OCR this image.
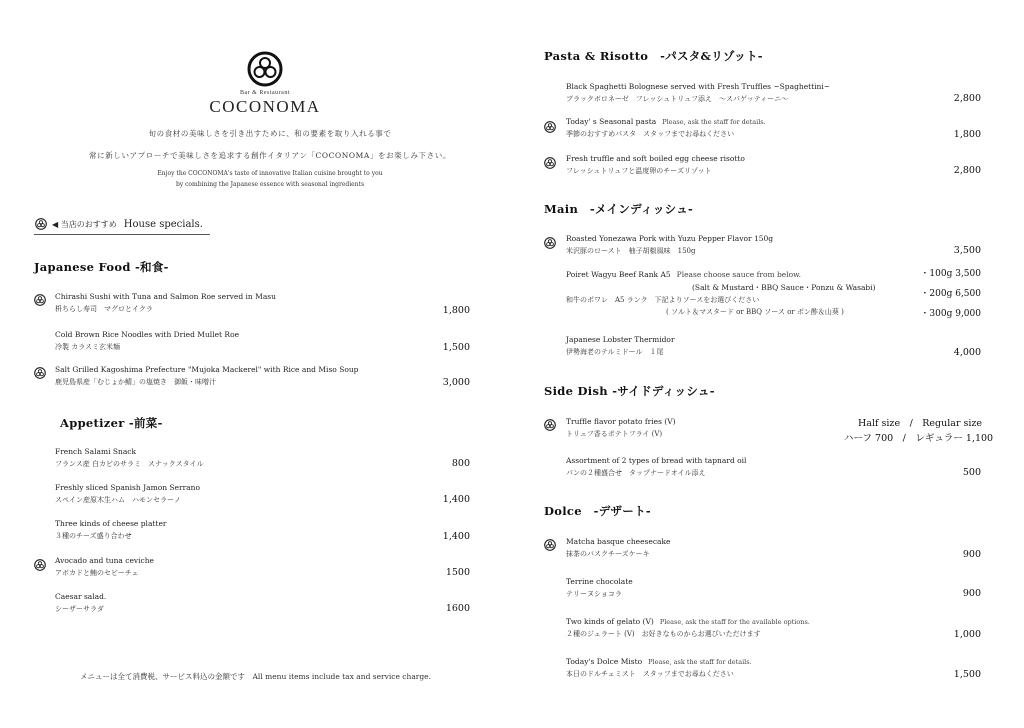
Bar & Restaurant
COCONOMA
旬の食材の美味しさを引き出すために、和の要素を取り入れる事で
常に新しいアプローチで美味しさを追求する創作イタリアン「COCONOMA」をお楽しみ下さい。
Enjoy the COCONOMA's taste of innovative Italian cuisine brought to you
by combining the Japanese essence with seasonal ingredients
◀ 当店のおすすめ House specials.
Japanese Food -和食-
Chirashi Sushi with Tuna and Salmon Roe served in Masu
枡ちらし寿司　マグロとイクラ	1,800
Cold Brown Rice Noodles with Dried Mullet Roe
冷製 カラスミ玄米麺	1,500
Salt Grilled Kagoshima Prefecture "Mujoka Mackerel" with Rice and Miso Soup
鹿児島県産「むじょか鯖」の塩焼き　御飯・味噌汁	3,000
Appetizer -前菜-
French Salami Snack
フランス産 白カビのサラミ　スナックスタイル	800
Freshly sliced Spanish Jamon Serrano
スペイン産原木生ハム　ハモンセラーノ	1,400
Three kinds of cheese platter
３種のチーズ盛り合わせ	1,400
Avocado and tuna ceviche
アボカドと鮪のセビーチェ	1500
Caesar salad.
シーザーサラダ	1600
メニューは全て消費税、サービス料込の金額です　All menu items include tax and service charge.
Pasta & Risotto　-パスタ&リゾット-
Black Spaghetti Bolognese served with Fresh Truffles ~Spaghettini~
ブラックボロネーゼ　フレッシュトリュフ添え　～スパゲッティーニ～	2,800
Today' s Seasonal pasta Please, ask the staff for details.
季節のおすすめパスタ　スタッフまでお尋ねください	1,800
Fresh truffle and soft boiled egg cheese risotto
フレッシュトリュフと温度卵のチーズリゾット	2,800
Main　-メインディッシュ-
Roasted Yonezawa Pork with Yuzu Pepper Flavor 150g
米沢豚のロースト　柚子胡椒風味　150g	3,500
Poiret Wagyu Beef Rank A5 Please choose sauce from below.
(Salt & Mustard・BBQ Sauce・Ponzu & Wasabi)
和牛のポワレ　A5 ランク　下記よりソースをお選びください
( ソルト＆マスタード or BBQ ソース or ポン酢＆山葵 )
・100g 3,500
・200g 6,500
・300g 9,000
Japanese Lobster Thermidor
伊勢海老のテルミドール　１尾	4,000
Side Dish -サイドディッシュ-
Truffle flavor potato fries (V)
トリュフ香るポテトフライ (V)
Half size　/　Regular size
ハーフ 700　/　レギュラー 1,100
Assortment of 2 types of bread with tapnard oil
パンの２種盛合せ　タップナードオイル添え	500
Dolce　-デザート-
Matcha basque cheesecake
抹茶のバスクチーズケーキ	900
Terrine chocolate
テリーヌショコラ	900
Two kinds of gelato (V) Please, ask the staff for the available options.
２種のジェラート (V)　お好きなものからお選びいただけます	1,000
Today's Dolce Misto Please, ask the staff for details.
本日のドルチェミスト　スタッフまでお尋ねください	1,500
